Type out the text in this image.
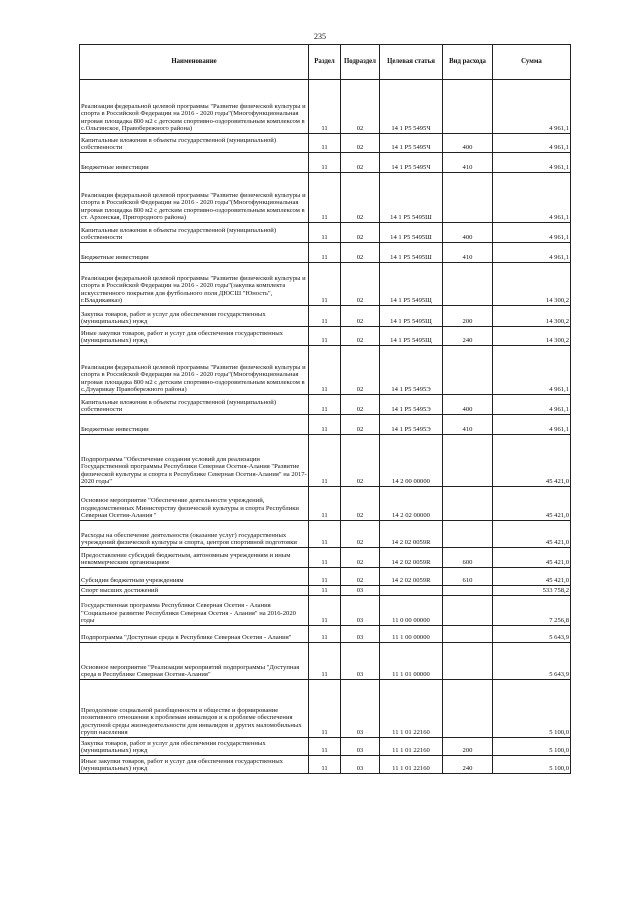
235
Наименование	Раздел	Подраздел	Целевая статья	Вид расхода	Сумма
Реализация федеральной целевой программы "Развитие физической культуры и спорта в Российской Федерации на 2016 - 2020 годы"(Многофункциональная игровая площадка 800 м2 с детским спортивно-оздоровительным комплексом в с.Ольгинское, Правобережного района)	11	02	14 1 P5 5495Ч		4 961,1
Капитальные вложения в объекты государственной (муниципальной) собственности	11	02	14 1 P5 5495Ч	400	4 961,1
Бюджетные инвестиции	11	02	14 1 P5 5495Ч	410	4 961,1
Реализация федеральной целевой программы "Развитие физической культуры и спорта в Российской Федерации на 2016 - 2020 годы"(Многофункциональная игровая площадка 800 м2 с детским спортивно-оздоровительным комплексом в ст. Архонская, Пригородного района)	11	02	14 1 P5 5495Ш		4 961,1
Капитальные вложения в объекты государственной (муниципальной) собственности	11	02	14 1 P5 5495Ш	400	4 961,1
Бюджетные инвестиции	11	02	14 1 P5 5495Ш	410	4 961,1
Реализация федеральной целевой программы "Развитие физической культуры и спорта в Российской Федерации на 2016 - 2020 годы"(закупка комплекта искусственного покрытия для футбольного поля ДЮСШ "Юность", г.Владикавказ)	11	02	14 1 P5 5495Щ		14 300,2
Закупка товаров, работ и услуг для обеспечения государственных (муниципальных) нужд	11	02	14 1 P5 5495Щ	200	14 300,2
Иные закупки товаров, работ и услуг для обеспечения государственных (муниципальных) нужд	11	02	14 1 P5 5495Щ	240	14 300,2
Реализация федеральной целевой программы "Развитие физической культуры и спорта в Российской Федерации на 2016 - 2020 годы"(Многофункциональная игровая площадка 800 м2 с детским спортивно-оздоровительным комплексом в с.Дзуарикау Правобережного района)	11	02	14 1 P5 5495Э		4 961,1
Капитальные вложения в объекты государственной (муниципальной) собственности	11	02	14 1 P5 5495Э	400	4 961,1
Бюджетные инвестиции	11	02	14 1 P5 5495Э	410	4 961,1
Подпрограмма "Обеспечение создания условий для реализации Государственной программы Республики Северная Осетия-Алания "Развитие физической культуры и спорта в Республике Северная Осетия-Алания" на 2017-2020 годы"	11	02	14 2 00 00000		45 421,0
Основное мероприятие "Обеспечение деятельности учреждений, подведомственных Министерству физической культуры и спорта Республики Северная Осетия-Алания "	11	02	14 2 02 00000		45 421,0
Расходы на обеспечение деятельности (оказание услуг) государственных учреждений физической культуры и спорта, центров спортивной подготовки	11	02	14 2 02 0059R		45 421,0
Предоставление субсидий бюджетным, автономным учреждениям и иным некоммерческим организациям	11	02	14 2 02 0059R	600	45 421,0
Субсидии бюджетным учреждениям	11	02	14 2 02 0059R	610	45 421,0
Спорт высших достижений	11	03			533 758,2
Государственная программа Республики Северная Осетия - Алания "Социальное развитие Республики Северная Осетия - Алания" на 2016-2020 годы	11	03	11 0 00 00000		7 256,8
Подпрограмма "Доступная среда в Республике Северная Осетия - Алания"	11	03	11 1 00 00000		5 643,9
Основное мероприятие "Реализация мероприятий подпрограммы "Доступная среда в Республике Северная Осетия-Алания"	11	03	11 1 01 00000		5 643,9
Преодоление социальной разобщенности в обществе и формирование позитивного отношения к проблемам инвалидов и к проблеме обеспечения доступной среды жизнедеятельности для инвалидов и других маломобильных групп населения	11	03	11 1 01 22160		5 100,0
Закупка товаров, работ и услуг для обеспечения государственных (муниципальных) нужд	11	03	11 1 01 22160	200	5 100,0
Иные закупки товаров, работ и услуг для обеспечения государственных (муниципальных) нужд	11	03	11 1 01 22160	240	5 100,0
